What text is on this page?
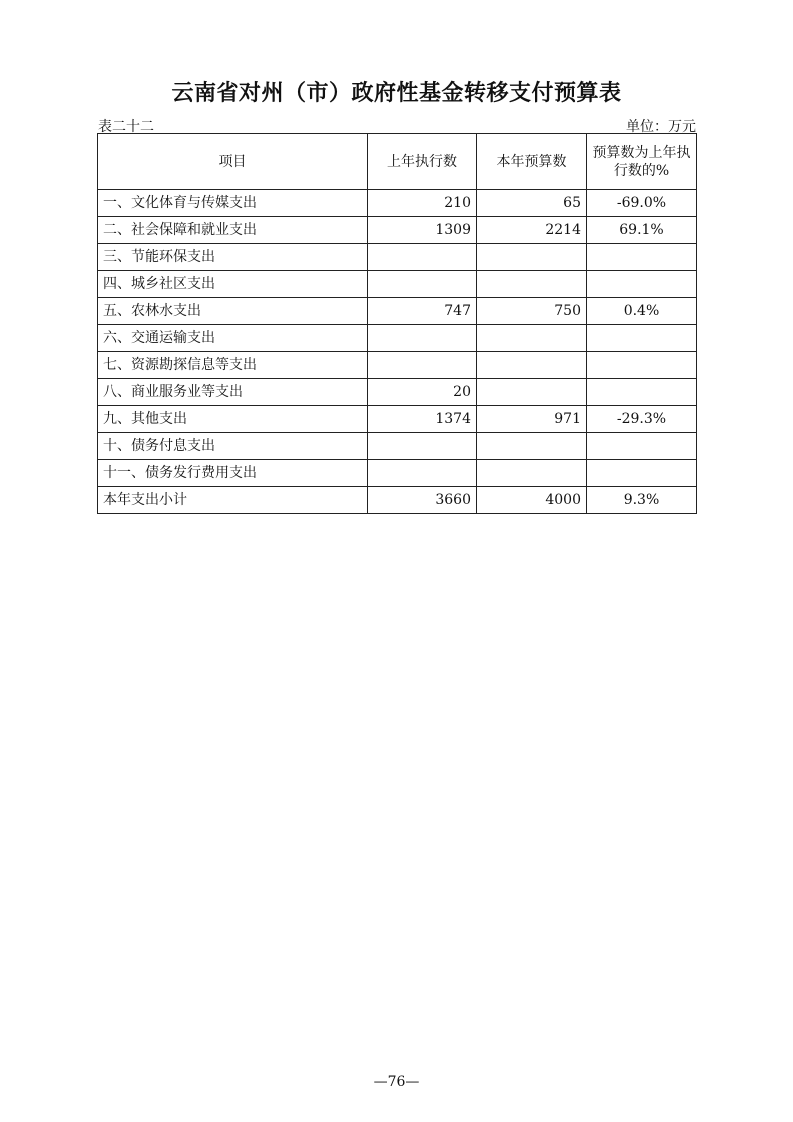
云南省对州（市）政府性基金转移支付预算表
表二十二	单位：万元
项目	上年执行数	本年预算数	预算数为上年执行数的%
一、文化体育与传媒支出	210	65	-69.0%
二、社会保障和就业支出	1309	2214	69.1%
三、节能环保支出			
四、城乡社区支出			
五、农林水支出	747	750	0.4%
六、交通运输支出			
七、资源勘探信息等支出			
八、商业服务业等支出	20		
九、其他支出	1374	971	-29.3%
十、债务付息支出			
十一、债务发行费用支出			
本年支出小计	3660	4000	9.3%
—76—
